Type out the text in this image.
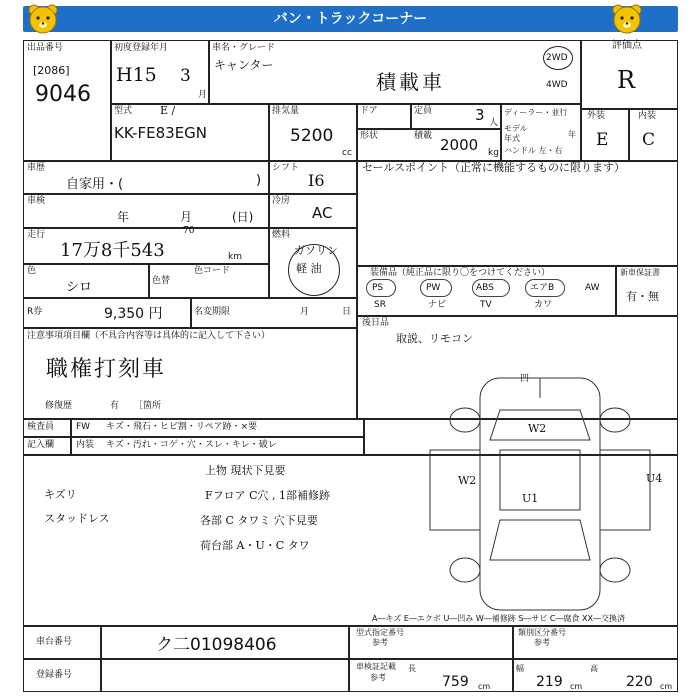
バン・トラックコーナー
出品番号
[2086]
9046
初度登録年月
H15 3
月
車名・グレード
キャンター
積載車
2WD
4WD
評価点
R
外装	内装
E C
型式	E /
KK-FE83EGN
排気量
5200
cc
ドア	定員	3 人
形状	積載 2000 kg
ディーラー・並行
モデル年式	年
ハンドル 左・右
車歴
自家用・(	)
シフト
I6
セールスポイント（正常に機能するものに限ります）
車検
年	月	(日)
冷房
AC
走行
17万8千543
70
km
燃料
ガソリン
軽 油
色
シロ	色替
色コード
R券	9,350 円	名変期限	月	日
装備品（純正品に限り〇をつけてください）
PS	PW	ABS	エアB	AW
SR	ナビ	TV	カワ
新車保証書
有・無
後日品
取説、リモコン
注意事項項目欄（不具合内容等は具体的に記入して下さい）
職権打刻車
修復歴	有 ［箇所
検査員
記入欄
FW キズ・飛石・ヒビ割・リペア跡・×要
内装 キズ・汚れ・コゲ・穴・スレ・キレ・破レ
キズリ
スタッドレス
上物 現状下見要
Fフロア C穴 , 1部補修跡
各部 C タワミ 穴下見要
荷台部 A・U・C タワ
凹
W2
W2
U1
U4
A―キズ E―エクボ U―凹み W―補修跡 S―サビ C―腐食 XX―交換済
車台番号	ク二01098406
登録番号
型式指定番号
参考
類別区分番号
参考
車検証記載
参考
長
759 cm
幅
219 cm
高
220 cm
